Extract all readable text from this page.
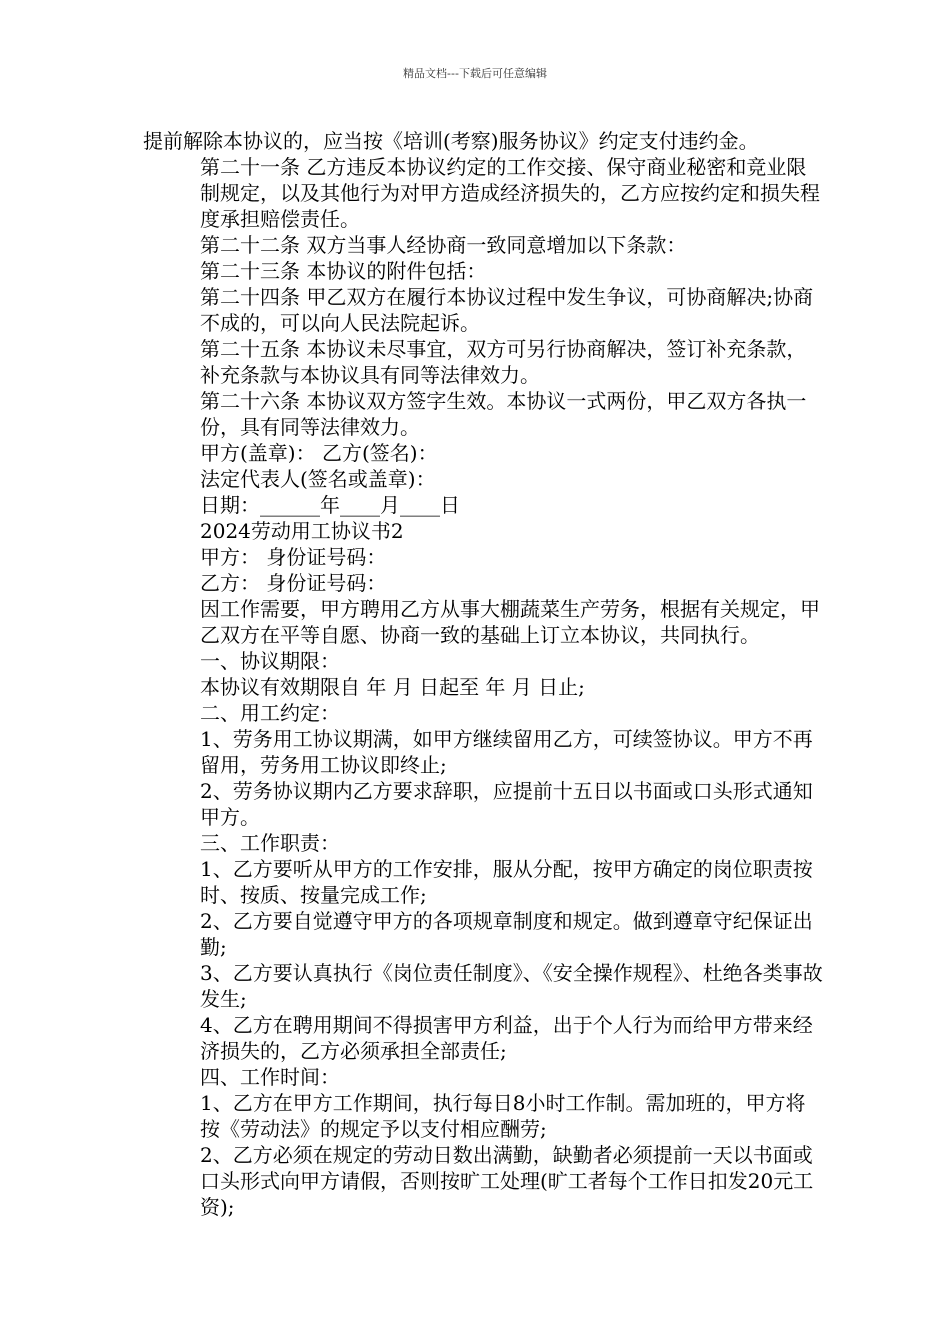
精品文档---下载后可任意编辑

提前解除本协议的，应当按《培训(考察)服务协议》约定支付违约金。

第二十一条 乙方违反本协议约定的工作交接、保守商业秘密和竞业限制规定，以及其他行为对甲方造成经济损失的，乙方应按约定和损失程度承担赔偿责任。

第二十二条 双方当事人经协商一致同意增加以下条款：

第二十三条 本协议的附件包括：

第二十四条 甲乙双方在履行本协议过程中发生争议，可协商解决;协商不成的，可以向人民法院起诉。

第二十五条 本协议未尽事宜，双方可另行协商解决，签订补充条款，补充条款与本协议具有同等法律效力。

第二十六条 本协议双方签字生效。本协议一式两份，甲乙双方各执一份，具有同等法律效力。

甲方(盖章)： 乙方(签名)：

法定代表人(签名或盖章)：

日期：______年____月____日

2024劳动用工协议书2

甲方： 身份证号码：

乙方： 身份证号码：

因工作需要，甲方聘用乙方从事大棚蔬菜生产劳务，根据有关规定，甲乙双方在平等自愿、协商一致的基础上订立本协议，共同执行。

一、协议期限：

本协议有效期限自 年 月 日起至 年 月 日止;

二、用工约定：

1、劳务用工协议期满，如甲方继续留用乙方，可续签协议。甲方不再留用，劳务用工协议即终止;

2、劳务协议期内乙方要求辞职，应提前十五日以书面或口头形式通知甲方。

三、工作职责：

1、乙方要听从甲方的工作安排，服从分配，按甲方确定的岗位职责按时、按质、按量完成工作;

2、乙方要自觉遵守甲方的各项规章制度和规定。做到遵章守纪保证出勤;

3、乙方要认真执行《岗位责任制度》、《安全操作规程》、杜绝各类事故发生;

4、乙方在聘用期间不得损害甲方利益，出于个人行为而给甲方带来经济损失的，乙方必须承担全部责任;

四、工作时间：

1、乙方在甲方工作期间，执行每日8小时工作制。需加班的，甲方将按《劳动法》的规定予以支付相应酬劳;

2、乙方必须在规定的劳动日数出满勤，缺勤者必须提前一天以书面或口头形式向甲方请假，否则按旷工处理(旷工者每个工作日扣发20元工资);
